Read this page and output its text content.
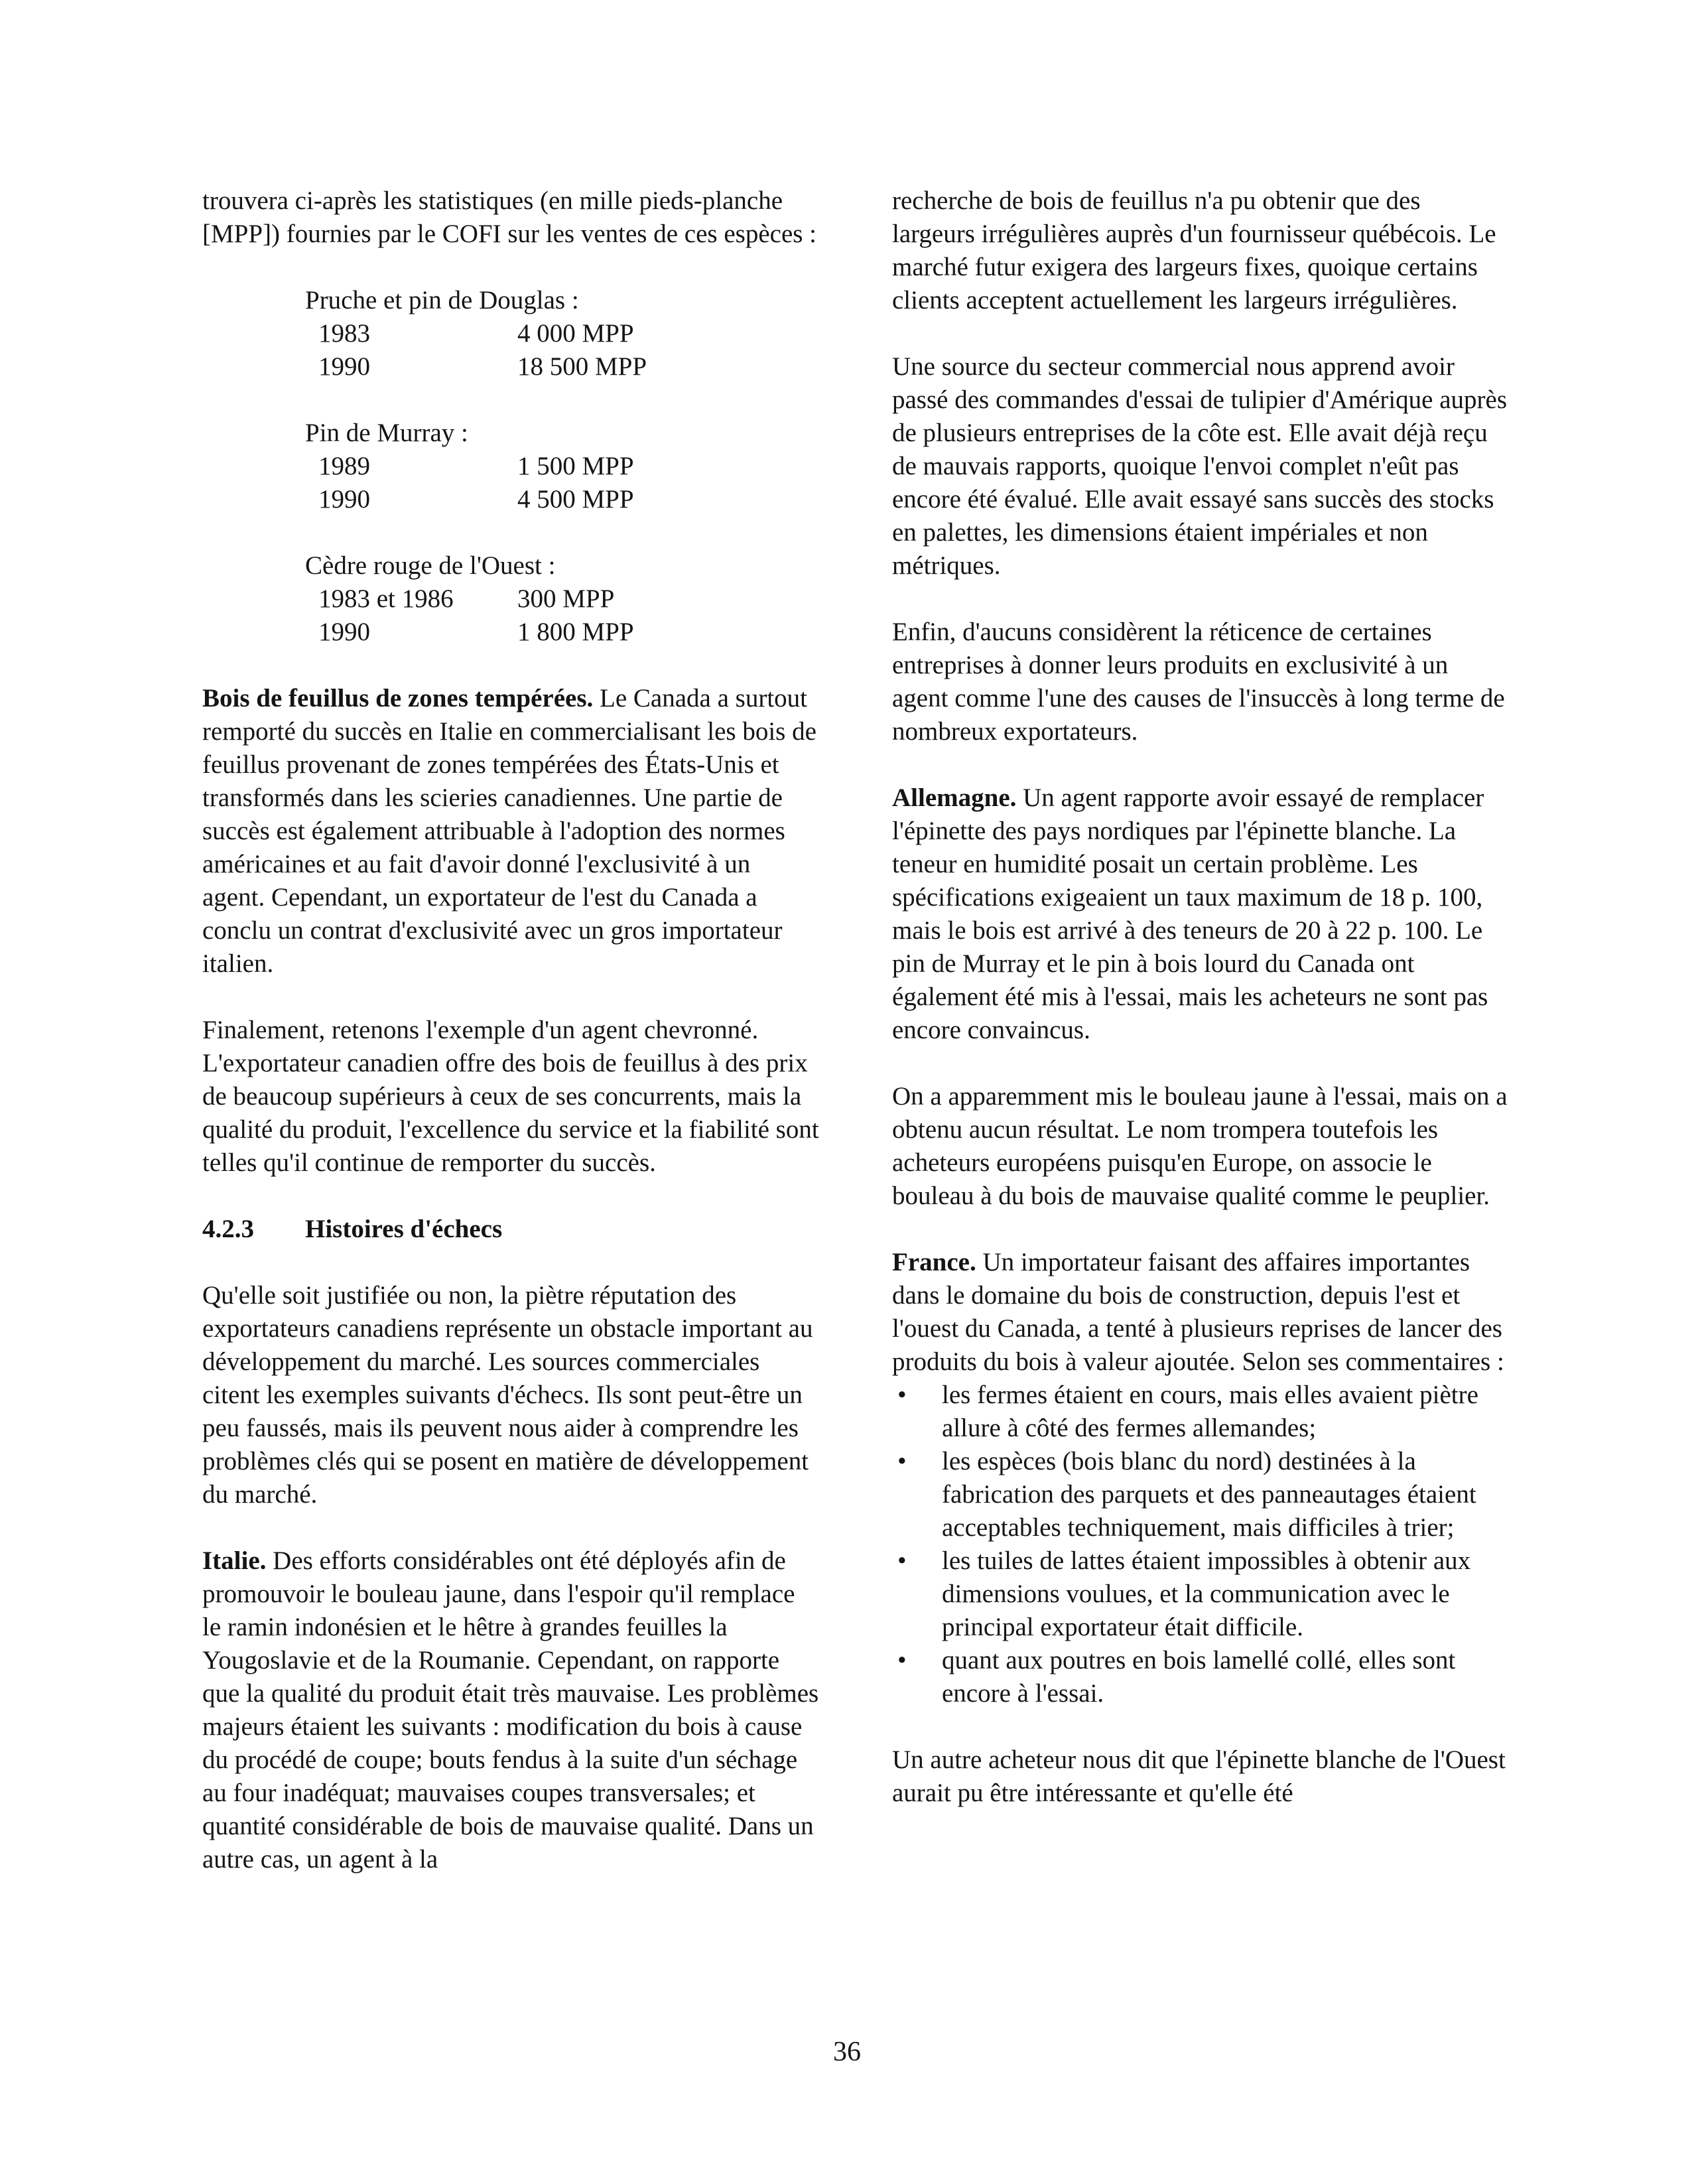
trouvera ci-après les statistiques (en mille pieds-planche [MPP]) fournies par le COFI sur les ventes de ces espèces :

Pruche et pin de Douglas :
1983	4 000 MPP
1990	18 500 MPP
Pin de Murray :
1989	1 500 MPP
1990	4 500 MPP
Cèdre rouge de l'Ouest :
1983 et 1986	300 MPP
1990	1 800 MPP

Bois de feuillus de zones tempérées. Le Canada a surtout remporté du succès en Italie en commercialisant les bois de feuillus provenant de zones tempérées des États-Unis et transformés dans les scieries canadiennes. Une partie de succès est également attribuable à l'adoption des normes américaines et au fait d'avoir donné l'exclusivité à un agent. Cependant, un exportateur de l'est du Canada a conclu un contrat d'exclusivité avec un gros importateur italien.

Finalement, retenons l'exemple d'un agent chevronné. L'exportateur canadien offre des bois de feuillus à des prix de beaucoup supérieurs à ceux de ses concurrents, mais la qualité du produit, l'excellence du service et la fiabilité sont telles qu'il continue de remporter du succès.

4.2.3 Histoires d'échecs

Qu'elle soit justifiée ou non, la piètre réputation des exportateurs canadiens représente un obstacle important au développement du marché. Les sources commerciales citent les exemples suivants d'échecs. Ils sont peut-être un peu faussés, mais ils peuvent nous aider à comprendre les problèmes clés qui se posent en matière de développement du marché.

Italie. Des efforts considérables ont été déployés afin de promouvoir le bouleau jaune, dans l'espoir qu'il remplace le ramin indonésien et le hêtre à grandes feuilles la Yougoslavie et de la Roumanie. Cependant, on rapporte que la qualité du produit était très mauvaise. Les problèmes majeurs étaient les suivants : modification du bois à cause du procédé de coupe; bouts fendus à la suite d'un séchage au four inadéquat; mauvaises coupes transversales; et quantité considérable de bois de mauvaise qualité. Dans un autre cas, un agent à la

recherche de bois de feuillus n'a pu obtenir que des largeurs irrégulières auprès d'un fournisseur québécois. Le marché futur exigera des largeurs fixes, quoique certains clients acceptent actuellement les largeurs irrégulières.

Une source du secteur commercial nous apprend avoir passé des commandes d'essai de tulipier d'Amérique auprès de plusieurs entreprises de la côte est. Elle avait déjà reçu de mauvais rapports, quoique l'envoi complet n'eût pas encore été évalué. Elle avait essayé sans succès des stocks en palettes, les dimensions étaient impériales et non métriques.

Enfin, d'aucuns considèrent la réticence de certaines entreprises à donner leurs produits en exclusivité à un agent comme l'une des causes de l'insuccès à long terme de nombreux exportateurs.

Allemagne. Un agent rapporte avoir essayé de remplacer l'épinette des pays nordiques par l'épinette blanche. La teneur en humidité posait un certain problème. Les spécifications exigeaient un taux maximum de 18 p. 100, mais le bois est arrivé à des teneurs de 20 à 22 p. 100. Le pin de Murray et le pin à bois lourd du Canada ont également été mis à l'essai, mais les acheteurs ne sont pas encore convaincus.

On a apparemment mis le bouleau jaune à l'essai, mais on a obtenu aucun résultat. Le nom trompera toutefois les acheteurs européens puisqu'en Europe, on associe le bouleau à du bois de mauvaise qualité comme le peuplier.

France. Un importateur faisant des affaires importantes dans le domaine du bois de construction, depuis l'est et l'ouest du Canada, a tenté à plusieurs reprises de lancer des produits du bois à valeur ajoutée. Selon ses commentaires :

• les fermes étaient en cours, mais elles avaient piètre allure à côté des fermes allemandes;
• les espèces (bois blanc du nord) destinées à la fabrication des parquets et des panneautages étaient acceptables techniquement, mais difficiles à trier;
• les tuiles de lattes étaient impossibles à obtenir aux dimensions voulues, et la communication avec le principal exportateur était difficile.
• quant aux poutres en bois lamellé collé, elles sont encore à l'essai.

Un autre acheteur nous dit que l'épinette blanche de l'Ouest aurait pu être intéressante et qu'elle été

36
